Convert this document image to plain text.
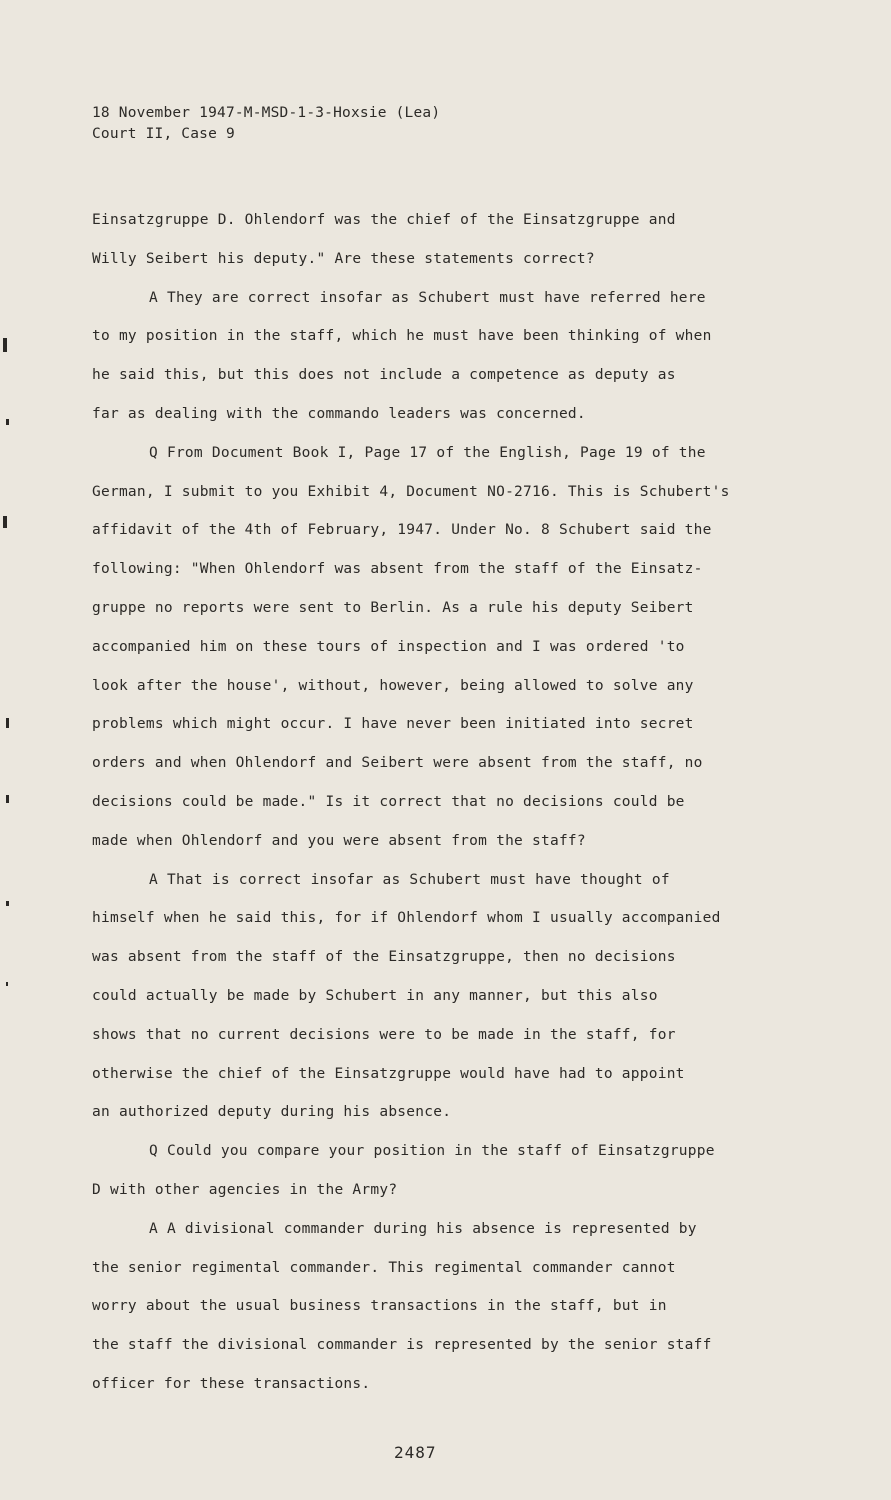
18 November 1947-M-MSD-1-3-Hoxsie (Lea)
Court II, Case 9
Einsatzgruppe D. Ohlendorf was the chief of the Einsatzgruppe and
Willy Seibert his deputy." Are these statements correct?
A They are correct insofar as Schubert must have referred here
to my position in the staff, which he must have been thinking of when
he said this, but this does not include a competence as deputy as
far as dealing with the commando leaders was concerned.
Q From Document Book I, Page 17 of the English, Page 19 of the
German, I submit to you Exhibit 4, Document NO-2716. This is Schubert's
affidavit of the 4th of February, 1947. Under No. 8 Schubert said the
following: "When Ohlendorf was absent from the staff of the Einsatz-
gruppe no reports were sent to Berlin. As a rule his deputy Seibert
accompanied him on these tours of inspection and I was ordered 'to
look after the house', without, however, being allowed to solve any
problems which might occur. I have never been initiated into secret
orders and when Ohlendorf and Seibert were absent from the staff, no
decisions could be made." Is it correct that no decisions could be
made when Ohlendorf and you were absent from the staff?
A That is correct insofar as Schubert must have thought of
himself when he said this, for if Ohlendorf whom I usually accompanied
was absent from the staff of the Einsatzgruppe, then no decisions
could actually be made by Schubert in any manner, but this also
shows that no current decisions were to be made in the staff, for
otherwise the chief of the Einsatzgruppe would have had to appoint
an authorized deputy during his absence.
Q Could you compare your position in the staff of Einsatzgruppe
D with other agencies in the Army?
A A divisional commander during his absence is represented by
the senior regimental commander. This regimental commander cannot
worry about the usual business transactions in the staff, but in
the staff the divisional commander is represented by the senior staff
officer for these transactions.
2487
